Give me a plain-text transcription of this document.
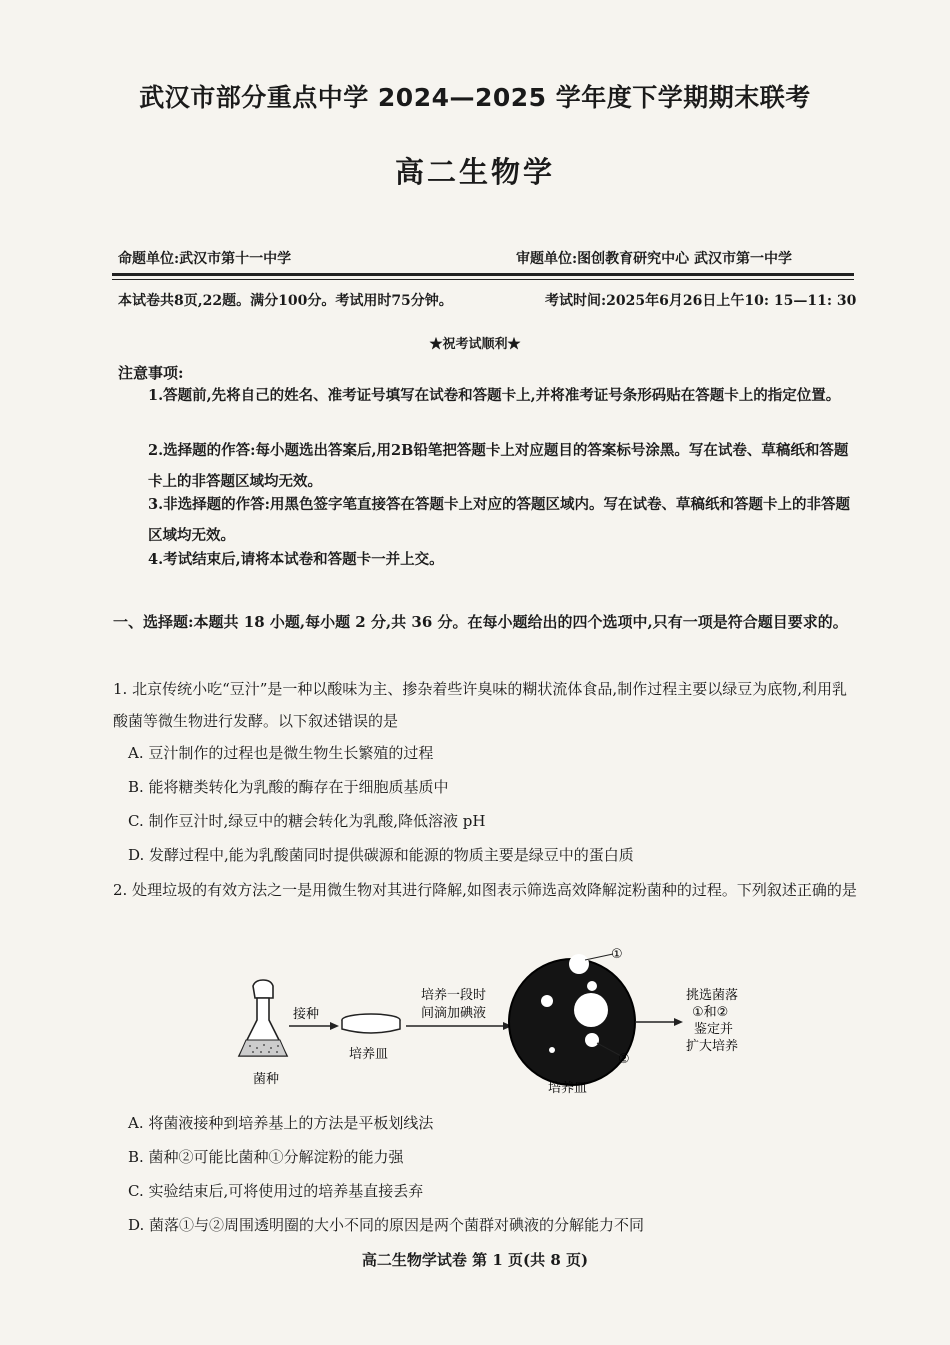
武汉市部分重点中学 2024—2025 学年度下学期期末联考
高二生物学
命题单位:武汉市第十一中学	审题单位:图创教育研究中心 武汉市第一中学
本试卷共8页,22题。满分100分。考试用时75分钟。	考试时间:2025年6月26日上午10: 15—11: 30
★祝考试顺利★
注意事项:
1.答题前,先将自己的姓名、准考证号填写在试卷和答题卡上,并将准考证号条形码贴在答题卡上的指定位置。
2.选择题的作答:每小题选出答案后,用2B铅笔把答题卡上对应题目的答案标号涂黑。写在试卷、草稿纸和答题卡上的非答题区域均无效。
3.非选择题的作答:用黑色签字笔直接答在答题卡上对应的答题区域内。写在试卷、草稿纸和答题卡上的非答题区域均无效。
4.考试结束后,请将本试卷和答题卡一并上交。
一、选择题:本题共 18 小题,每小题 2 分,共 36 分。在每小题给出的四个选项中,只有一项是符合题目要求的。
1. 北京传统小吃“豆汁”是一种以酸味为主、掺杂着些许臭味的糊状流体食品,制作过程主要以绿豆为底物,利用乳酸菌等微生物进行发酵。以下叙述错误的是
A. 豆汁制作的过程也是微生物生长繁殖的过程
B. 能将糖类转化为乳酸的酶存在于细胞质基质中
C. 制作豆汁时,绿豆中的糖会转化为乳酸,降低溶液 pH
D. 发酵过程中,能为乳酸菌同时提供碳源和能源的物质主要是绿豆中的蛋白质
2. 处理垃圾的有效方法之一是用微生物对其进行降解,如图表示筛选高效降解淀粉菌种的过程。下列叙述正确的是
菌种
接种
培养皿
培养一段时
间滴加碘液
①
②
培养皿
挑选菌落
①和②
鉴定并
扩大培养
A. 将菌液接种到培养基上的方法是平板划线法
B. 菌种②可能比菌种①分解淀粉的能力强
C. 实验结束后,可将使用过的培养基直接丢弃
D. 菌落①与②周围透明圈的大小不同的原因是两个菌群对碘液的分解能力不同
高二生物学试卷 第 1 页(共 8 页)
